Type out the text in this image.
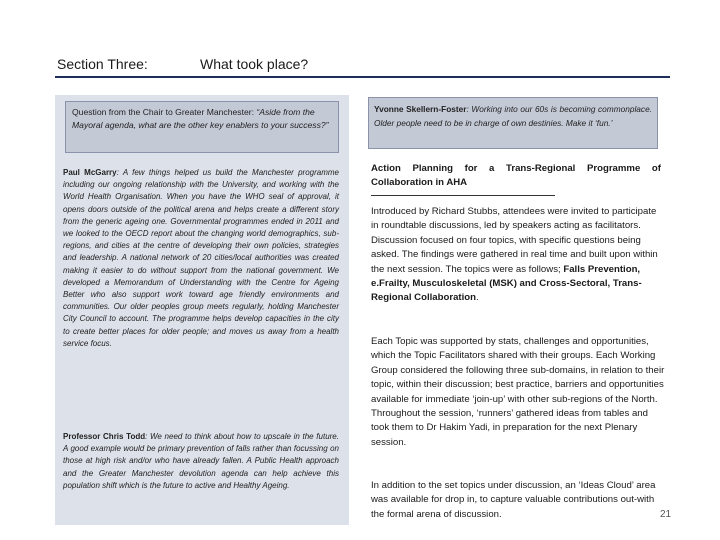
Section Three:	What took place?
Question from the Chair to Greater Manchester: “Aside from the Mayoral agenda, what are the other key enablers to your success?”
Paul McGarry: A few things helped us build the Manchester programme including our ongoing relationship with the University, and working with the World Health Organisation. When you have the WHO seal of approval, it opens doors outside of the political arena and helps create a different story from the generic ageing one. Governmental programmes ended in 2011 and we looked to the OECD report about the changing world demographics, sub-regions, and cities at the centre of developing their own policies, strategies and leadership. A national network of 20 cities/local authorities was created making it easier to do without support from the national government. We developed a Memorandum of Understanding with the Centre for Ageing Better who also support work toward age friendly environments and communities. Our older peoples group meets regularly, holding Manchester City Council to account. The programme helps develop capacities in the city to create better places for older people; and moves us away from a health service focus.
Professor Chris Todd: We need to think about how to upscale in the future. A good example would be primary prevention of falls rather than focussing on those at high risk and/or who have already fallen. A Public Health approach and the Greater Manchester devolution agenda can help achieve this population shift which is the future to active and Healthy Ageing.
Yvonne Skellern-Foster: Working into our 60s is becoming commonplace. Older people need to be in charge of own destinies. Make it ‘fun.’
Action Planning for a Trans-Regional Programme of Collaboration in AHA
Introduced by Richard Stubbs, attendees were invited to participate in roundtable discussions, led by speakers acting as facilitators. Discussion focused on four topics, with specific questions being asked. The findings were gathered in real time and built upon within the next session. The topics were as follows; Falls Prevention, e.Frailty, Musculoskeletal (MSK) and Cross-Sectoral, Trans-Regional Collaboration.
Each Topic was supported by stats, challenges and opportunities, which the Topic Facilitators shared with their groups. Each Working Group considered the following three sub-domains, in relation to their topic, within their discussion; best practice, barriers and opportunities available for immediate ‘join-up’ with other sub-regions of the North. Throughout the session, ‘runners’ gathered ideas from tables and took them to Dr Hakim Yadi, in preparation for the next Plenary session.
In addition to the set topics under discussion, an ‘Ideas Cloud’ area was available for drop in, to capture valuable contributions out-with the formal arena of discussion.	21
